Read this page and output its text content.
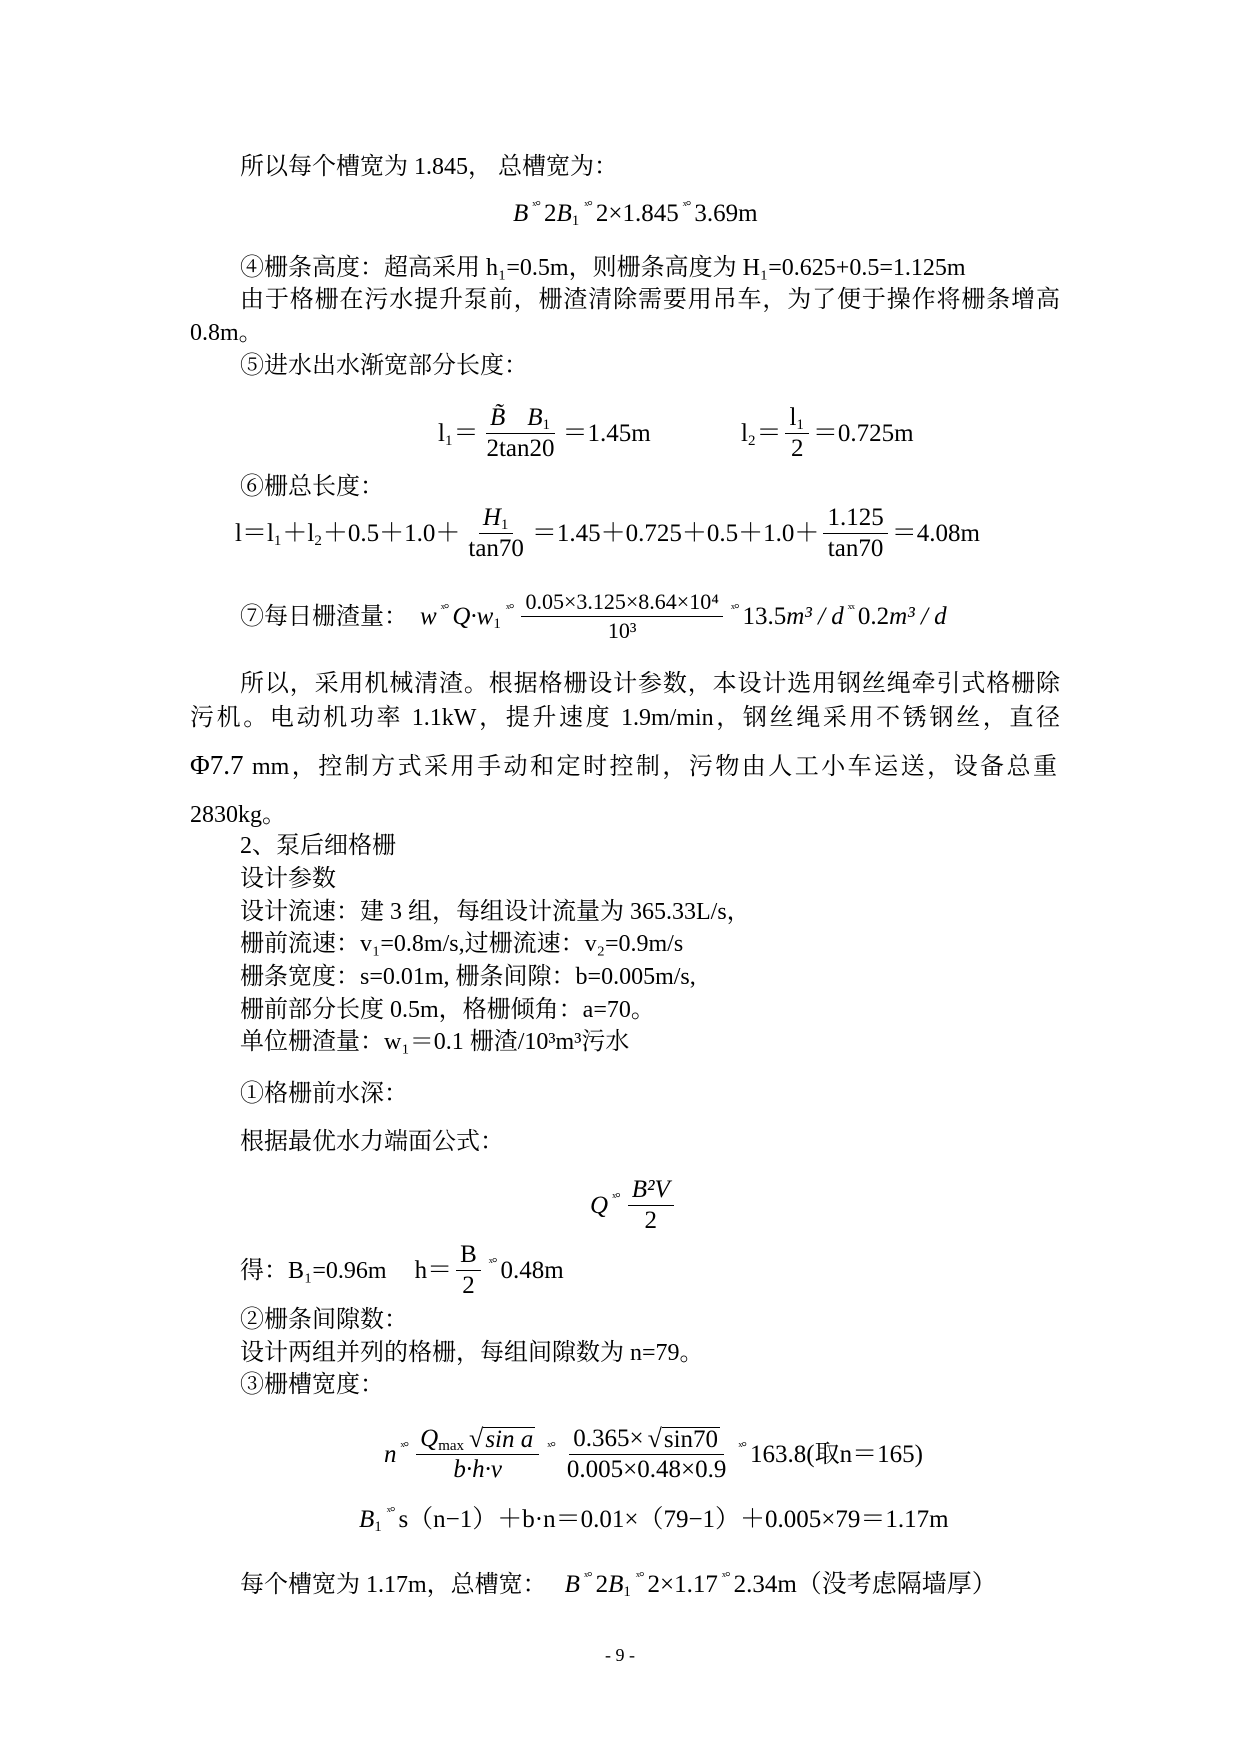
所以每个槽宽为 1.845， 总槽宽为：
B ˣ° 2 B 1
ˣ° 2×1.845 ˣ° 3.69m
④栅条高度：超高采用 h₁=0.5m，则栅条高度为 H₁=0.625+0.5=1.125m
由于格栅在污水提升泵前，栅渣清除需要用吊车，为了便于操作将栅条增高
0.8m。
⑤进水出水渐宽部分长度：
l $1 = \frac{B̃ B 1}{2\tan 20} =1.45m$	l $2 = \frac{l 1}{2} =0.725m$
⑥栅总长度：
l＝l 1 ＋l $2 +0.5+1.0+ \frac{H 1}{\tan 70} =1.45+0.725+0.5+1.0+ \frac{1.125}{\tan 70} =4.08m$
⑦每日栅渣量： w ˣ° Q·w 1
ˣ° $\frac{\text{0.05×3.125×8.64×10⁴}}{\text{10³}}$ ˣ° 13.5 m³ / d ˣˣ 0.2 m³ / d
所以，采用机械清渣。根据格栅设计参数，本设计选用钢丝绳牵引式格栅除
污机。电动机功率 1.1kW，提升速度 1.9m/min，钢丝绳采用不锈钢丝，直径
Φ7.7 mm，控制方式采用手动和定时控制，污物由人工小车运送，设备总重
2830kg。
2、泵后细格栅
设计参数
设计流速：建 3 组，每组设计流量为 365.33L/s，
栅前流速：v₁=0.8m/s,过栅流速：v₂=0.9m/s
栅条宽度：s=0.01m, 栅条间隙：b=0.005m/s,
栅前部分长度 0.5m，格栅倾角：a=70。
单位栅渣量：w₁＝0.1 栅渣/10³m³污水
①格栅前水深：
根据最优水力端面公式：
Q ˣ° $\frac{\text{B²V}}{2}$
得：B₁=0.96m $h= \frac{B}{2}$ ˣ° 0.48m
②栅条间隙数：
设计两组并列的格栅，每组间隙数为 n=79。
③栅槽宽度：
n ˣ° $\frac{\text{Q max √ sin a}}{b\cdot h\cdot v}$ ˣ° $\frac{0.365\times √ \sin 70}{0.005\times 0.48\times 0.9}$ ˣ° 163.8(取n＝165)
B 1
ˣ° s（n−1）＋b·n＝0.01×（79−1）＋0.005×79＝1.17m
每个槽宽为 1.17m，总槽宽： B ˣ° 2 B 1
ˣ° 2×1.17 ˣ° 2.34m（没考虑隔墙厚）
- 9 -
